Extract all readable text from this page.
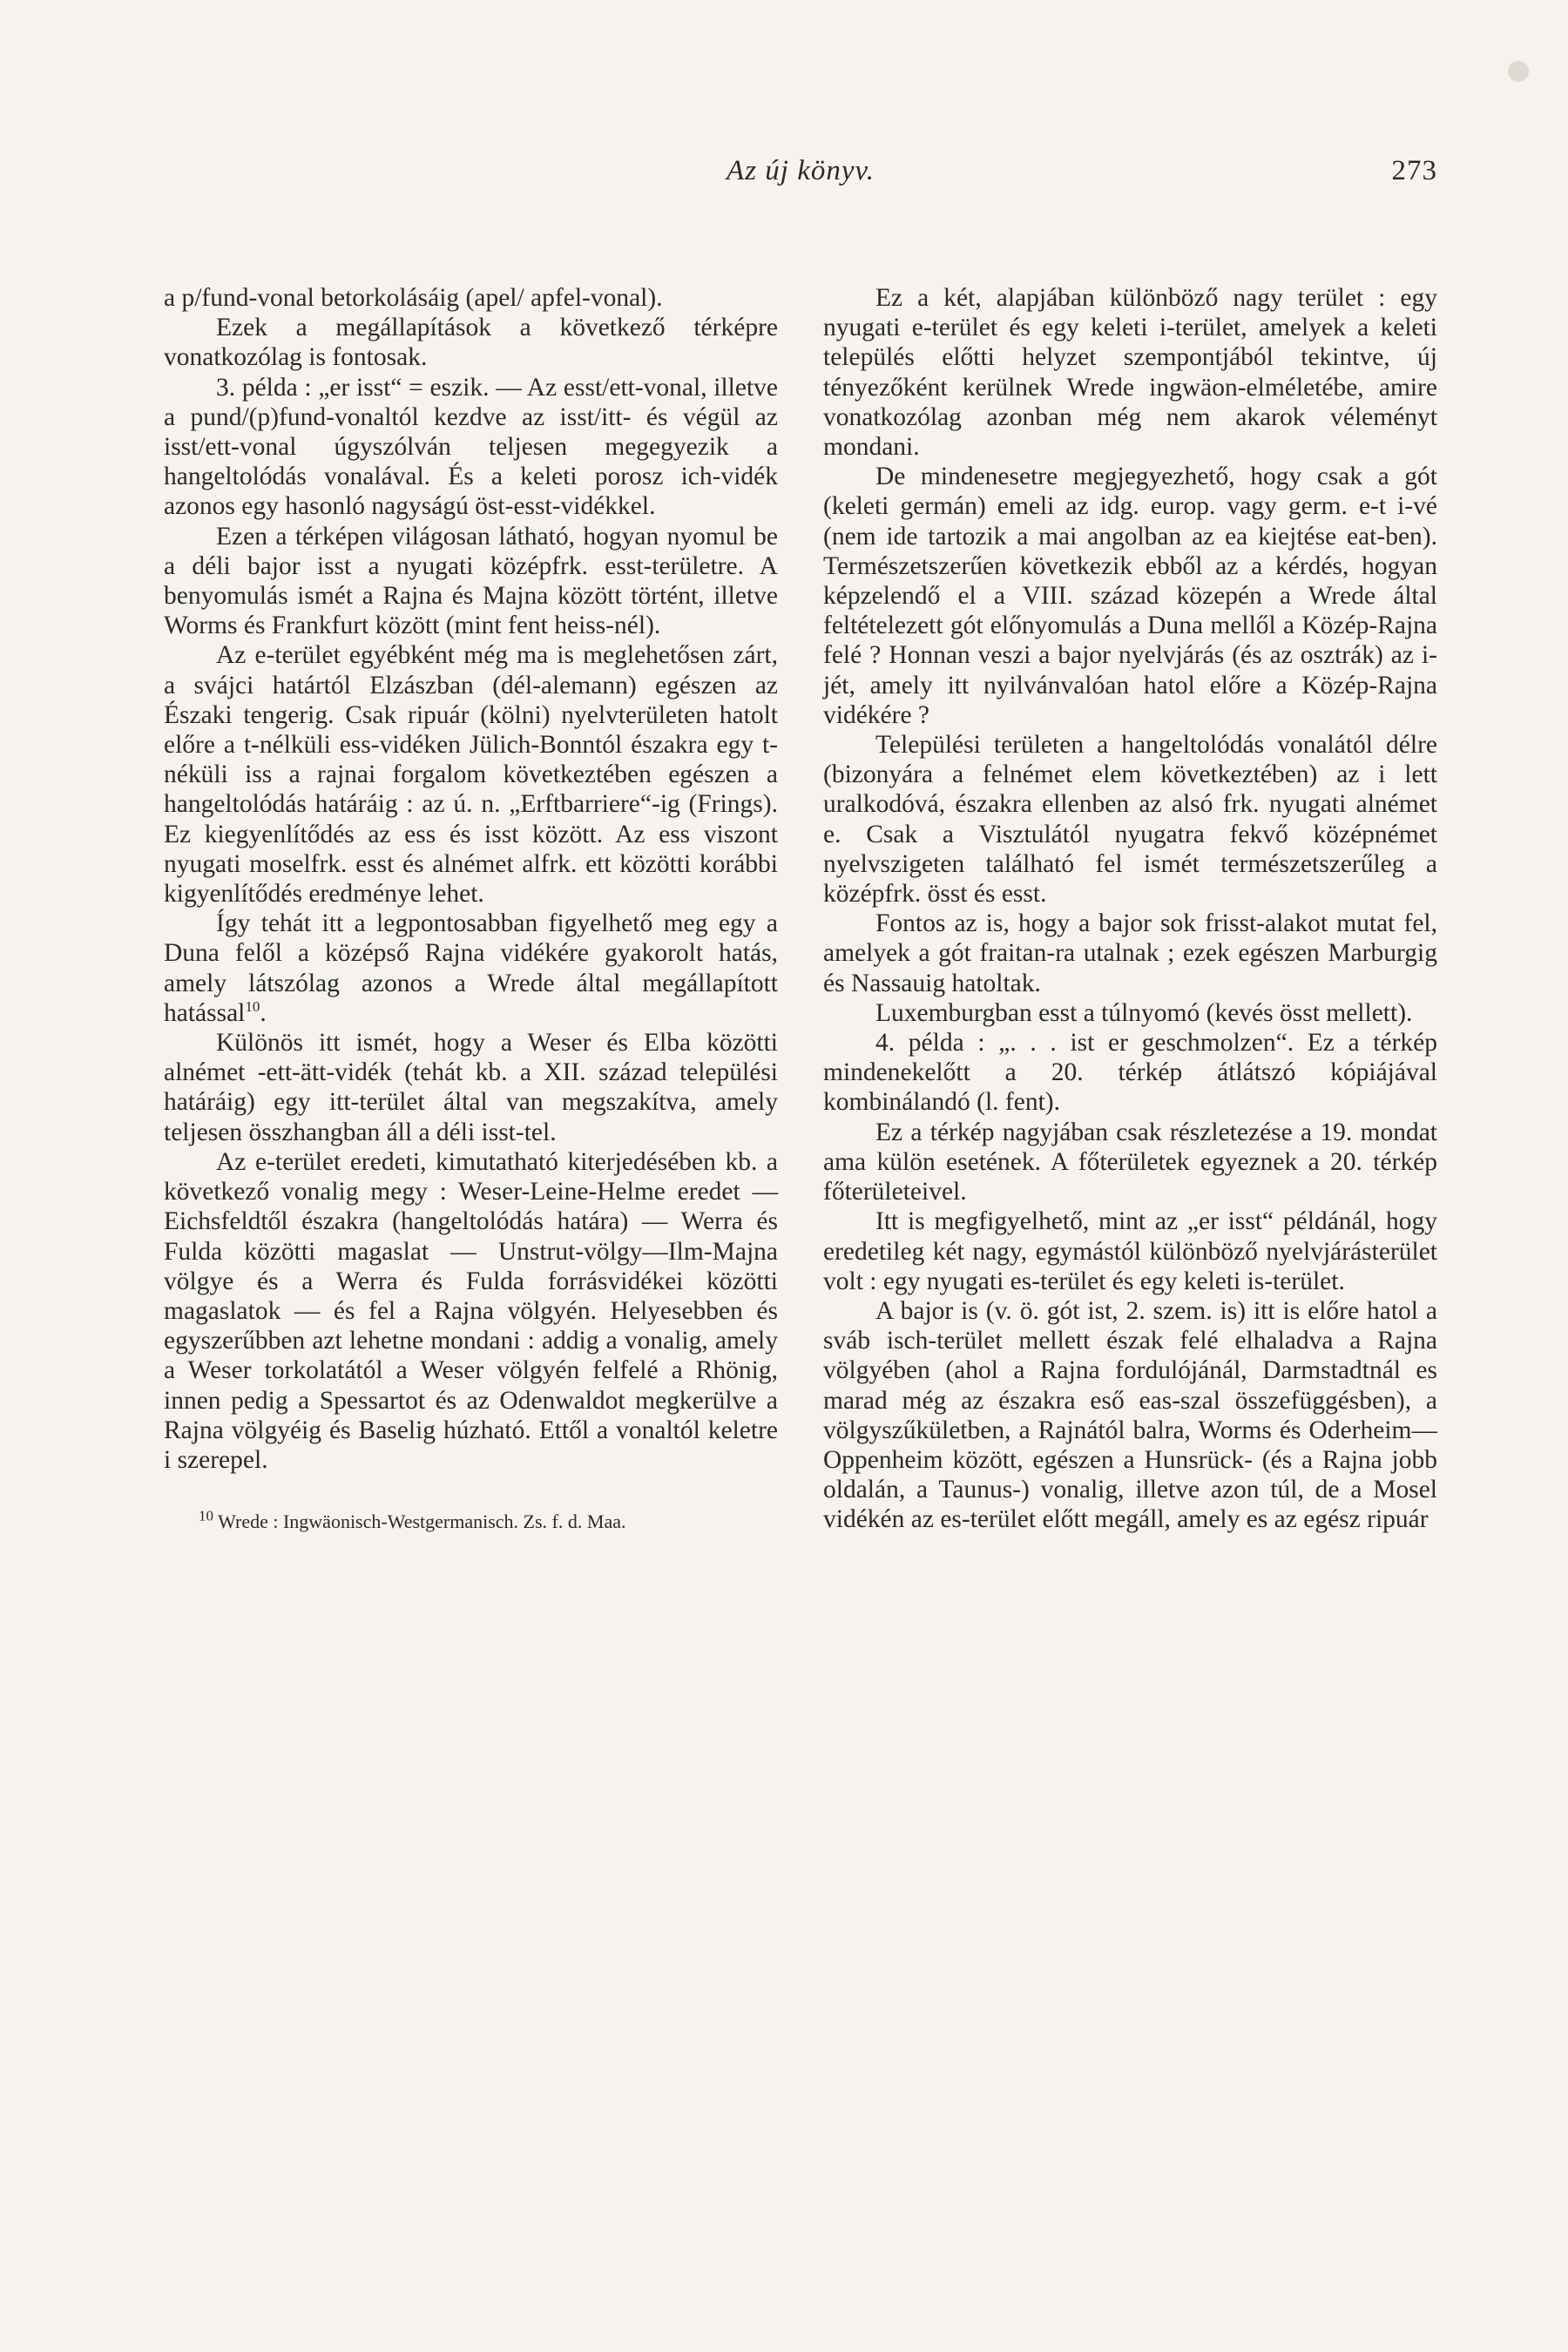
Az új könyv.	273

a p/fund-vonal betorkolásáig (apel/ apfel-vonal).

Ezek a megállapítások a következő térképre vonatkozólag is fontosak.

3. példa : „er isst“ = eszik. — Az esst/ett-vonal, illetve a pund/(p)fund-vonaltól kezdve az isst/itt- és végül az isst/ett-vonal úgyszólván teljesen megegyezik a hangeltolódás vonalával. És a keleti porosz ich-vidék azonos egy hasonló nagyságú öst-esst-vidékkel.

Ezen a térképen világosan látható, hogyan nyomul be a déli bajor isst a nyugati középfrk. esst-területre. A benyomulás ismét a Rajna és Majna között történt, illetve Worms és Frankfurt között (mint fent heiss-nél).

Az e-terület egyébként még ma is meglehetősen zárt, a svájci határtól Elzászban (dél-alemann) egészen az Északi tengerig. Csak ripuár (kölni) nyelvterületen hatolt előre a t-nélküli ess-vidéken Jülich-Bonntól északra egy t-néküli iss a rajnai forgalom következtében egészen a hangeltolódás határáig : az ú. n. „Erftbarriere“-ig (Frings). Ez kiegyenlítődés az ess és isst között. Az ess viszont nyugati moselfrk. esst és alnémet alfrk. ett közötti korábbi kigyenlítődés eredménye lehet.

Így tehát itt a legpontosabban figyelhető meg egy a Duna felől a középső Rajna vidékére gyakorolt hatás, amely látszólag azonos a Wrede által megállapított hatással$^{10}$.

Különös itt ismét, hogy a Weser és Elba közötti alnémet -ett-ätt-vidék (tehát kb. a XII. század települési határáig) egy itt-terület által van megszakítva, amely teljesen összhangban áll a déli isst-tel.

Az e-terület eredeti, kimutatható kiterjedésében kb. a következő vonalig megy : Weser-Leine-Helme eredet — Eichsfeldtől északra (hangeltolódás határa) — Werra és Fulda közötti magaslat — Unstrut-völgy—Ilm-Majna völgye és a Werra és Fulda forrásvidékei közötti magaslatok — és fel a Rajna völgyén. Helyesebben és egyszerűbben azt lehetne mondani : addig a vonalig, amely a Weser torkolatától a Weser völgyén felfelé a Rhönig, innen pedig a Spessartot és az Odenwaldot megkerülve a Rajna völgyéig és Baselig húzható. Ettől a vonaltól keletre i szerepel.

$^{10}$ Wrede : Ingwäonisch-Westgermanisch. Zs. f. d. Maa.

Ez a két, alapjában különböző nagy terület : egy nyugati e-terület és egy keleti i-terület, amelyek a keleti település előtti helyzet szempontjából tekintve, új tényezőként kerülnek Wrede ingwäon-elméletébe, amire vonatkozólag azonban még nem akarok véleményt mondani.

De mindenesetre megjegyezhető, hogy csak a gót (keleti germán) emeli az idg. europ. vagy germ. e-t i-vé (nem ide tartozik a mai angolban az ea kiejtése eat-ben). Természetszerűen következik ebből az a kérdés, hogyan képzelendő el a VIII. század közepén a Wrede által feltételezett gót előnyomulás a Duna mellől a Közép-Rajna felé ? Honnan veszi a bajor nyelvjárás (és az osztrák) az i-jét, amely itt nyilvánvalóan hatol előre a Közép-Rajna vidékére ?

Települési területen a hangeltolódás vonalától délre (bizonyára a felnémet elem következtében) az i lett uralkodóvá, északra ellenben az alsó frk. nyugati alnémet e. Csak a Visztulától nyugatra fekvő középnémet nyelvszigeten található fel ismét természetszerűleg a középfrk. össt és esst.

Fontos az is, hogy a bajor sok frisst-alakot mutat fel, amelyek a gót fraitan-ra utalnak ; ezek egészen Marburgig és Nassauig hatoltak.

Luxemburgban esst a túlnyomó (kevés össt mellett).

4. példa : „. . . ist er geschmolzen“. Ez a térkép mindenekelőtt a 20. térkép átlátszó kópiájával kombinálandó (l. fent).

Ez a térkép nagyjában csak részletezése a 19. mondat ama külön esetének. A főterületek egyeznek a 20. térkép főterületeivel.

Itt is megfigyelhető, mint az „er isst“ példánál, hogy eredetileg két nagy, egymástól különböző nyelvjárásterület volt : egy nyugati es-terület és egy keleti is-terület.

A bajor is (v. ö. gót ist, 2. szem. is) itt is előre hatol a sváb isch-terület mellett észak felé elhaladva a Rajna völgyében (ahol a Rajna fordulójánál, Darmstadtnál es marad még az északra eső eas-szal összefüggésben), a völgyszűkületben, a Rajnától balra, Worms és Oderheim—Oppenheim között, egészen a Hunsrück- (és a Rajna jobb oldalán, a Taunus-) vonalig, illetve azon túl, de a Mosel vidékén az es-terület előtt megáll, amely es az egész ripuár
